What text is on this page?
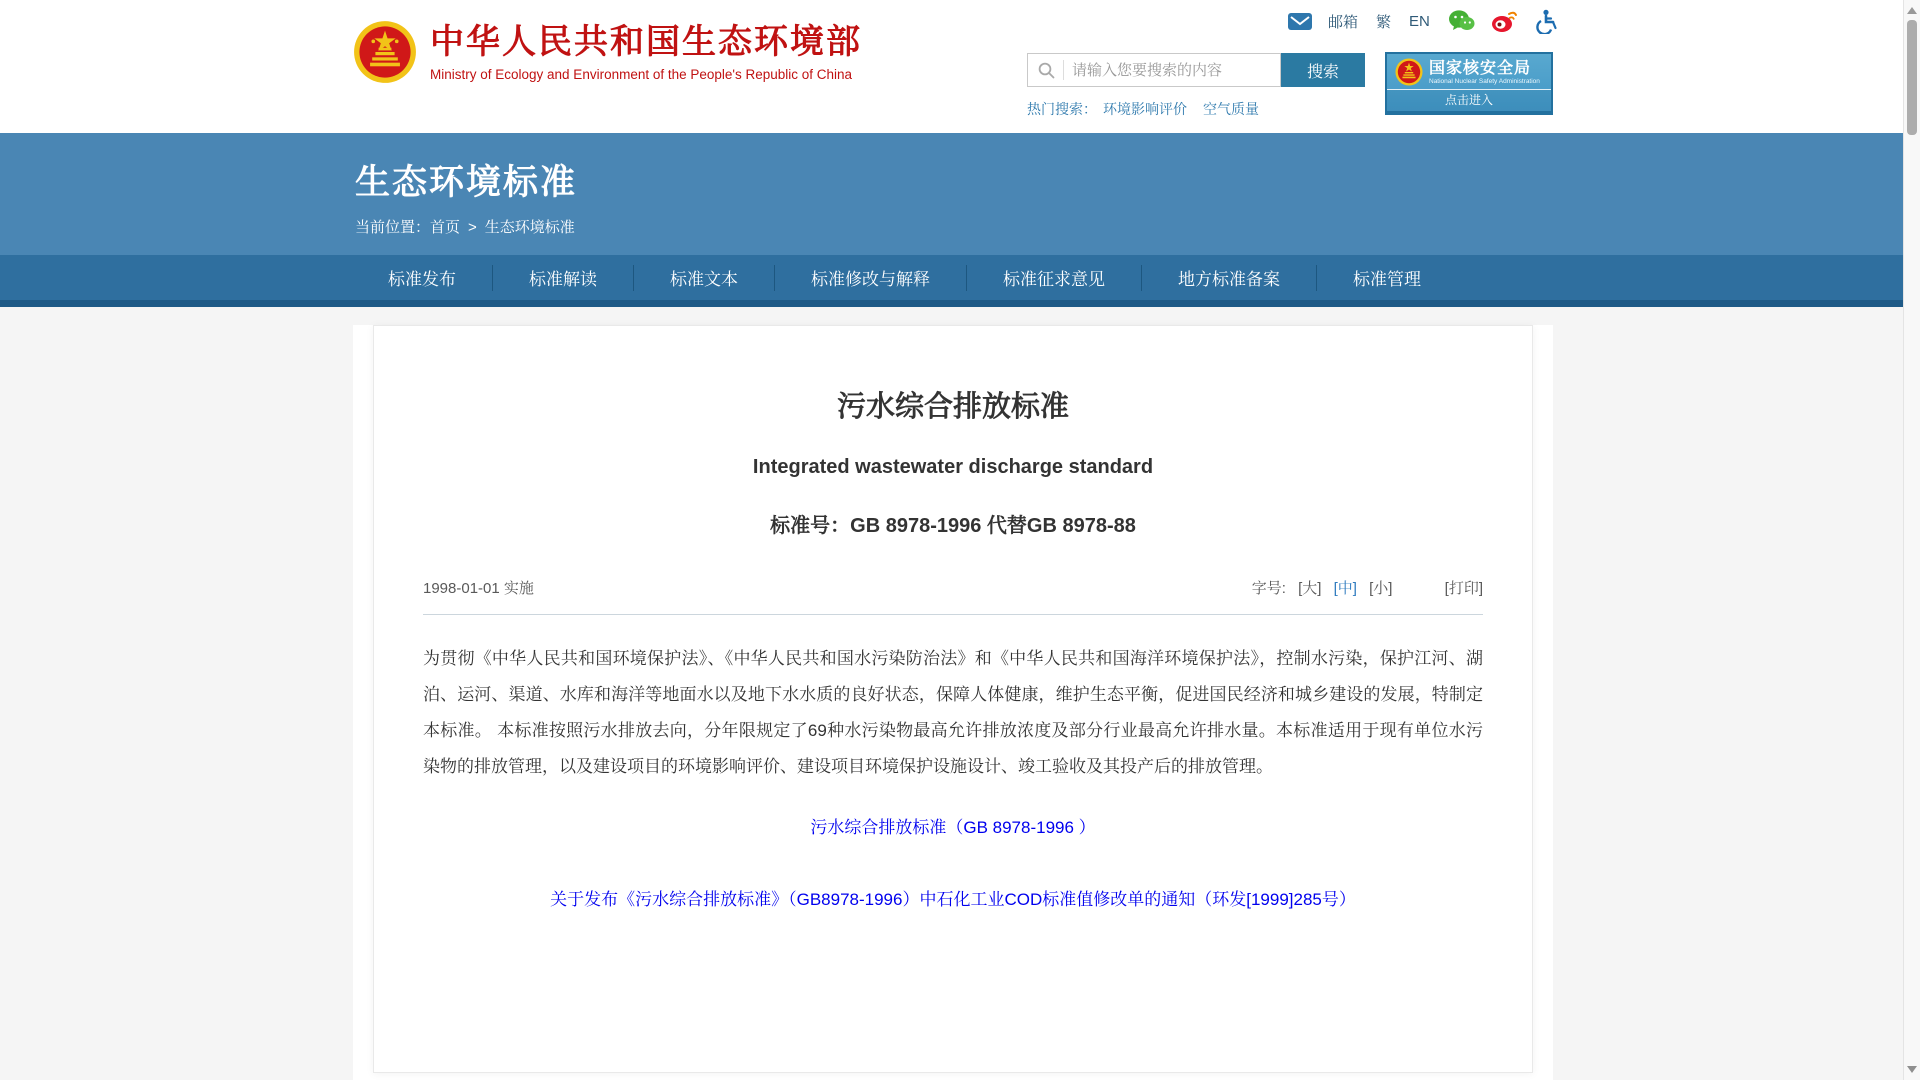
中华人民共和国生态环境部
Ministry of Ecology and Environment of the People's Republic of China
邮箱 繁 EN
请输入您要搜索的内容
搜索
热门搜索： 环境影响评价 空气质量
国家核安全局
National Nuclear Safety Administration
点击进入
生态环境标准
当前位置：首页 > 生态环境标准
标准发布	标准解读	标准文本	标准修改与解释	标准征求意见	地方标准备案	标准管理
污水综合排放标准
Integrated wastewater discharge standard
标准号：GB 8978-1996 代替GB 8978-88
1998-01-01 实施	字号: [大] [中] [小]	[打印]

为贯彻《中华人民共和国环境保护法》、《中华人民共和国水污染防治法》和《中华人民共和国海洋环境保护法》，控制水污染，保护江河、湖泊、运河、渠道、水库和海洋等地面水以及地下水水质的良好状态，保障人体健康，维护生态平衡，促进国民经济和城乡建设的发展，特制定本标准。 本标准按照污水排放去向，分年限规定了69种水污染物最高允许排放浓度及部分行业最高允许排水量。本标准适用于现有单位水污染物的排放管理，以及建设项目的环境影响评价、建设项目环境保护设施设计、竣工验收及其投产后的排放管理。

污水综合排放标准（GB 8978-1996 ）
关于发布《污水综合排放标准》（GB8978-1996）中石化工业COD标准值修改单的通知（环发[1999]285号）
